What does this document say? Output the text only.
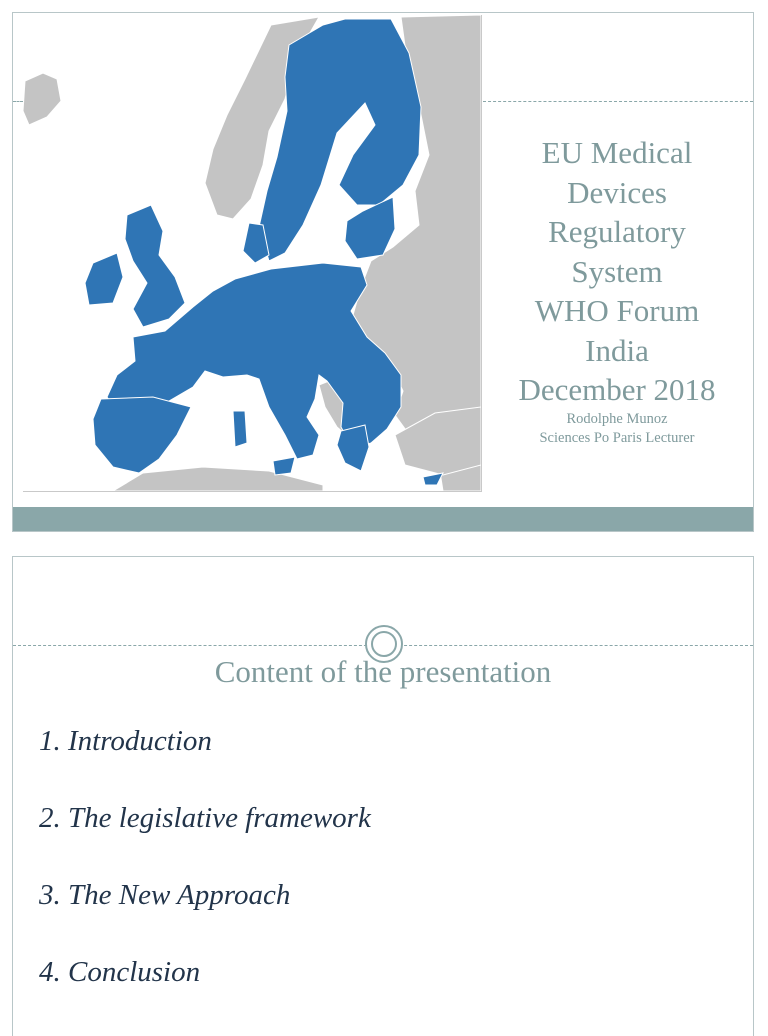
EU Medical
Devices
Regulatory
System
WHO Forum
India
December 2018
Rodolphe Munoz
Sciences Po Paris Lecturer
Content of the presentation
1. Introduction
2. The legislative framework
3. The New Approach
4. Conclusion
